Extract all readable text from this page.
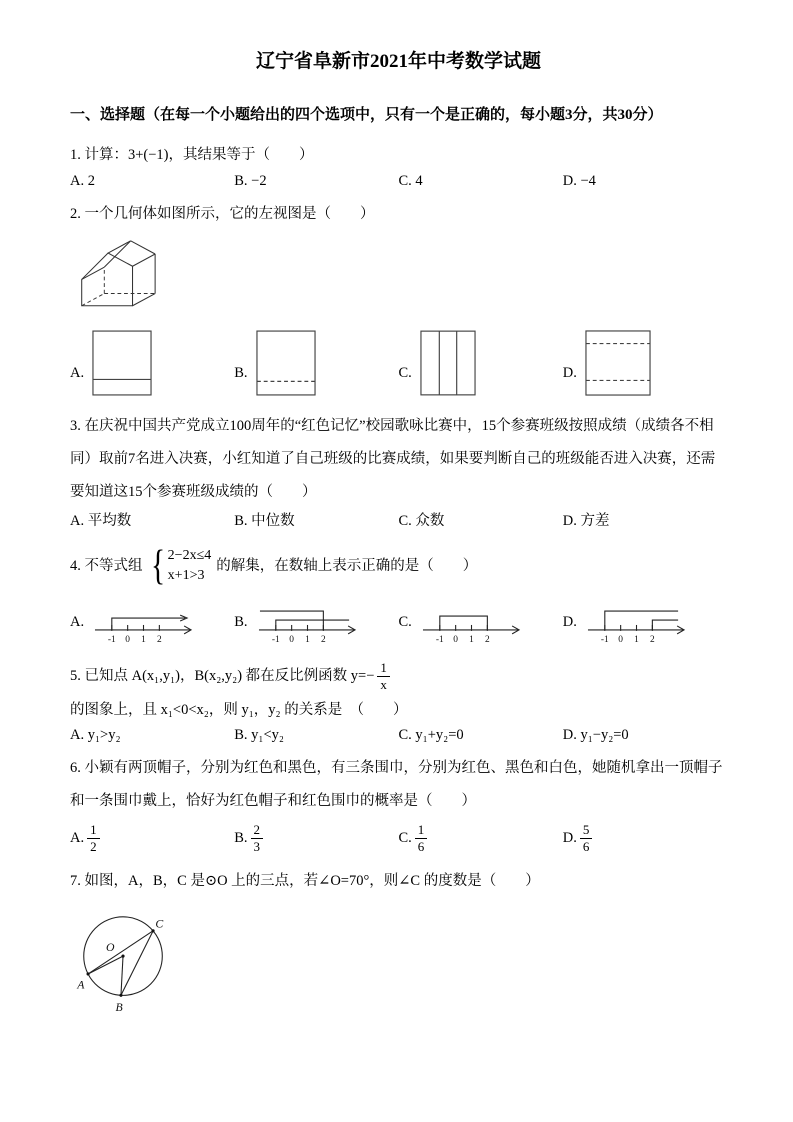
辽宁省阜新市2021年中考数学试题
一、选择题（在每一个小题给出的四个选项中，只有一个是正确的，每小题3分，共30分）
1. 计算：3+(−1)，其结果等于（　　）
A. 2	B. −2	C. 4	D. −4
2. 一个几何体如图所示，它的左视图是（　　）
A.	B.	C.	D.
3. 在庆祝中国共产党成立100周年的“红色记忆”校园歌咏比赛中，15个参赛班级按照成绩（成绩各不相同）取前7名进入决赛，小红知道了自己班级的比赛成绩，如果要判断自己的班级能否进入决赛，还需要知道这15个参赛班级成绩的（　　）
A. 平均数	B. 中位数	C. 众数	D. 方差
4. 不等式组 { 2−2x≤4
x+1>3
的解集，在数轴上表示正确的是（　　）
A.
-1 0 1 2
B.
-1 0 1 2
C.
-1 0 1 2
D.
-1 0 1 2
5. 已知点 A(x₁,y₁)，B(x₂,y₂) 都在反比例函数 $y=- \frac{1}{x}$
的图象上，且 x₁<0<x₂，则 y₁，y₂ 的关系是　（　　）
A. y₁>y₂	B. y₁<y₂	C. y₁+y₂=0	D. y₁−y₂=0
6. 小颖有两顶帽子，分别为红色和黑色，有三条围巾，分别为红色、黑色和白色，她随机拿出一顶帽子和一条围巾戴上，恰好为红色帽子和红色围巾的概率是（　　）
A. $\frac{1}{2}$	B. $\frac{2}{3}$	C. $\frac{1}{6}$	D. $\frac{5}{6}$
7. 如图，A，B，C 是⊙O 上的三点，若∠O=70°，则∠C 的度数是（　　）
O
C
A
B
